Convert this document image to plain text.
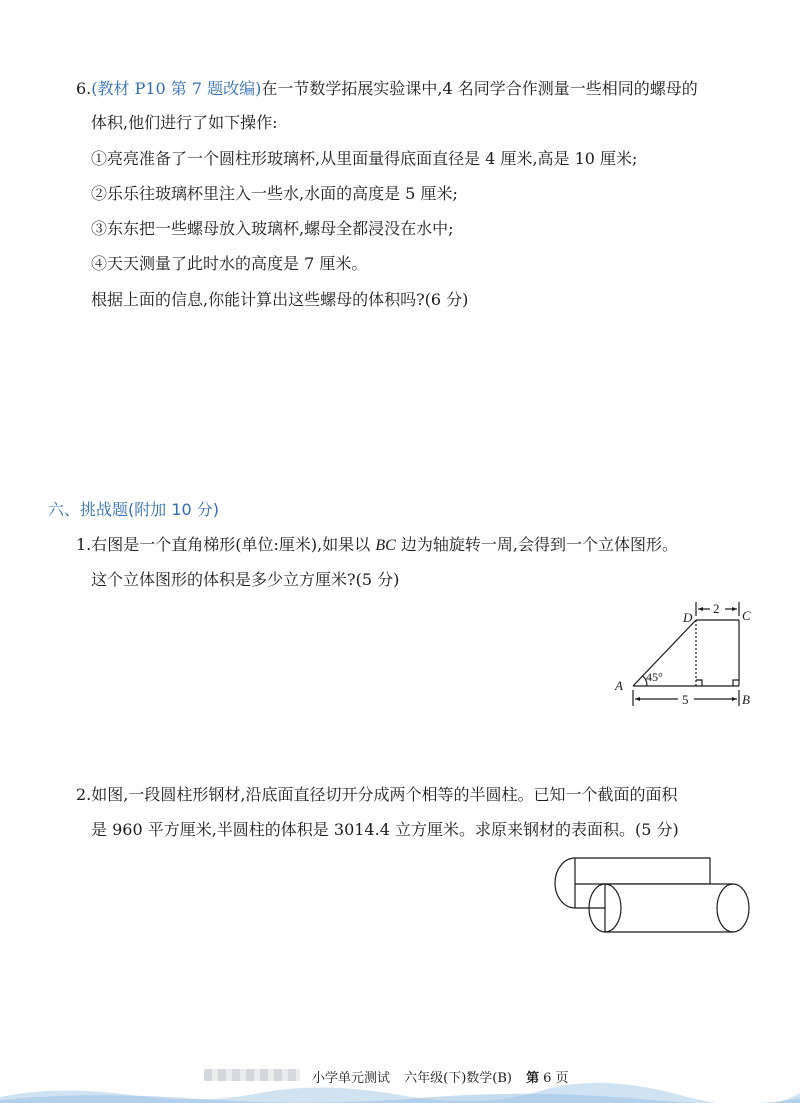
6.(教材 P10 第 7 题改编)在一节数学拓展实验课中,4 名同学合作测量一些相同的螺母的
体积,他们进行了如下操作:
①亮亮准备了一个圆柱形玻璃杯,从里面量得底面直径是 4 厘米,高是 10 厘米;
②乐乐往玻璃杯里注入一些水,水面的高度是 5 厘米;
③东东把一些螺母放入玻璃杯,螺母全都浸没在水中;
④天天测量了此时水的高度是 7 厘米。
根据上面的信息,你能计算出这些螺母的体积吗?(6 分)
六、挑战题(附加 10 分)
1.右图是一个直角梯形(单位:厘米),如果以 BC 边为轴旋转一周,会得到一个立体图形。
这个立体图形的体积是多少立方厘米?(5 分)
A
B
C
D
2
5
45°
2.如图,一段圆柱形钢材,沿底面直径切开分成两个相等的半圆柱。已知一个截面的面积
是 960 平方厘米,半圆柱的体积是 3014.4 立方厘米。求原来钢材的表面积。(5 分)
小学单元测试 六年级(下)数学(B) 第 6 页
